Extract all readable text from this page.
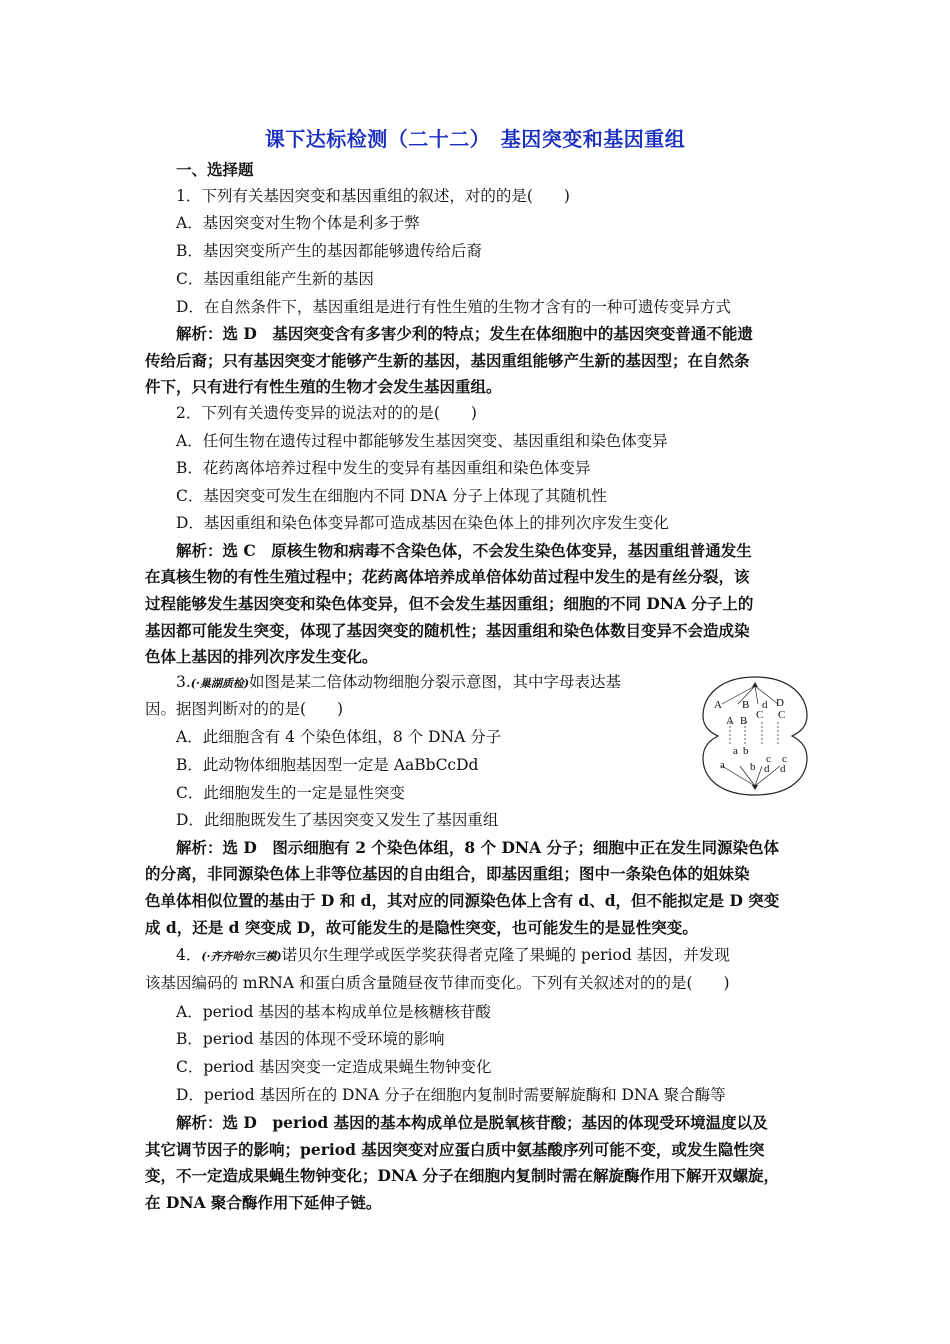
课下达标检测（二十二）　基因突变和基因重组
一、选择题
1．下列有关基因突变和基因重组的叙述，对的的是(　　)
A．基因突变对生物个体是利多于弊
B．基因突变所产生的基因都能够遗传给后裔
C．基因重组能产生新的基因
D．在自然条件下，基因重组是进行有性生殖的生物才含有的一种可遗传变异方式
解析：选 D　基因突变含有多害少利的特点；发生在体细胞中的基因突变普通不能遗
传给后裔；只有基因突变才能够产生新的基因，基因重组能够产生新的基因型；在自然条
件下，只有进行有性生殖的生物才会发生基因重组。
2．下列有关遗传变异的说法对的的是(　　)
A．任何生物在遗传过程中都能够发生基因突变、基因重组和染色体变异
B．花药离体培养过程中发生的变异有基因重组和染色体变异
C．基因突变可发生在细胞内不同 DNA 分子上体现了其随机性
D．基因重组和染色体变异都可造成基因在染色体上的排列次序发生变化
解析：选 C　原核生物和病毒不含染色体，不会发生染色体变异，基因重组普通发生
在真核生物的有性生殖过程中；花药离体培养成单倍体幼苗过程中发生的是有丝分裂，该
过程能够发生基因突变和染色体变异，但不会发生基因重组；细胞的不同 DNA 分子上的
基因都可能发生突变，体现了基因突变的随机性；基因重组和染色体数目变异不会造成染
色体上基因的排列次序发生变化。
3.(·巢湖质检)如图是某二倍体动物细胞分裂示意图，其中字母表达基
因。据图判断对的的是(　　)
A．此细胞含有 4 个染色体组，8 个 DNA 分子
B．此动物体细胞基因型一定是 AaBbCcDd
C．此细胞发生的一定是显性突变
D．此细胞既发生了基因突变又发生了基因重组
解析：选 D　图示细胞有 2 个染色体组，8 个 DNA 分子；细胞中正在发生同源染色体
的分离，非同源染色体上非等位基因的自由组合，即基因重组；图中一条染色体的姐妹染
色单体相似位置的基由于 D 和 d，其对应的同源染色体上含有 d、d，但不能拟定是 D 突变
成 d，还是 d 突变成 D，故可能发生的是隐性突变，也可能发生的是显性突变。
A B d D
C C
A B
a b
c c
a b d d
4．(·齐齐哈尔三模)诺贝尔生理学或医学奖获得者克隆了果蝇的 period 基因，并发现
该基因编码的 mRNA 和蛋白质含量随昼夜节律而变化。下列有关叙述对的的是(　　)
A．period 基因的基本构成单位是核糖核苷酸
B．period 基因的体现不受环境的影响
C．period 基因突变一定造成果蝇生物钟变化
D．period 基因所在的 DNA 分子在细胞内复制时需要解旋酶和 DNA 聚合酶等
解析：选 D　period 基因的基本构成单位是脱氧核苷酸；基因的体现受环境温度以及
其它调节因子的影响；period 基因突变对应蛋白质中氨基酸序列可能不变，或发生隐性突
变，不一定造成果蝇生物钟变化；DNA 分子在细胞内复制时需在解旋酶作用下解开双螺旋，
在 DNA 聚合酶作用下延伸子链。
